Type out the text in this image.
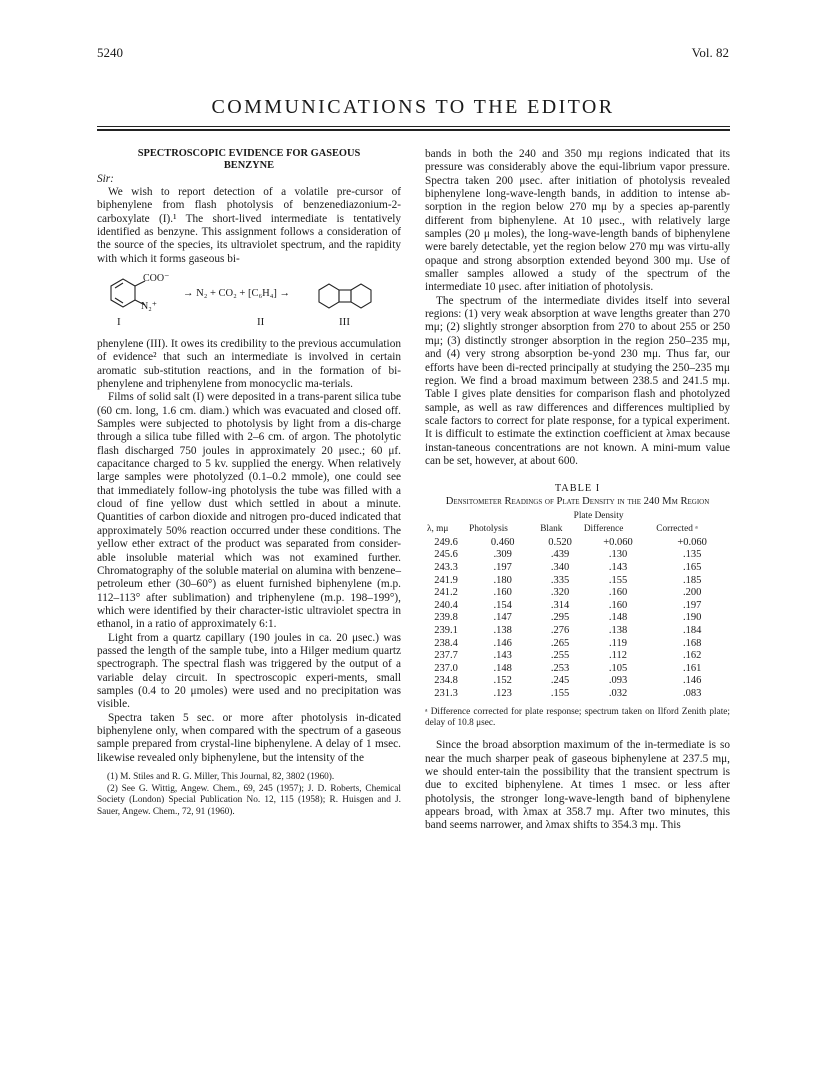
5240	Vol. 82
COMMUNICATIONS TO THE EDITOR
SPECTROSCOPIC EVIDENCE FOR GASEOUS
BENZYNE
Sir:

We wish to report detection of a volatile pre-cursor of biphenylene from flash photolysis of benzenediazonium-2-carboxylate (I).¹ The short-lived intermediate is tentatively identified as benzyne. This assignment follows a consideration of the source of the species, its ultraviolet spectrum, and the rapidity with which it forms gaseous bi-

COO⁻
N₂⁺
→ N₂ + CO₂ + [C₆H₄] →
I	II	III

phenylene (III). It owes its credibility to the previous accumulation of evidence² that such an intermediate is involved in certain aromatic sub-stitution reactions, and in the formation of bi-phenylene and triphenylene from monocyclic ma-terials.

Films of solid salt (I) were deposited in a trans-parent silica tube (60 cm. long, 1.6 cm. diam.) which was evacuated and closed off. Samples were subjected to photolysis by light from a dis-charge through a silica tube filled with 2–6 cm. of argon. The photolytic flash discharged 750 joules in approximately 20 μsec.; 60 μf. capacitance charged to 5 kv. supplied the energy. When relatively large samples were photolyzed (0.1–0.2 mmole), one could see that immediately follow-ing photolysis the tube was filled with a cloud of fine yellow dust which settled in about a minute. Quantities of carbon dioxide and nitrogen pro-duced indicated that approximately 50% reaction occurred under these conditions. The yellow ether extract of the product was separated from consider-able insoluble material which was not examined further. Chromatography of the soluble material on alumina with benzene–petroleum ether (30–60°) as eluent furnished biphenylene (m.p. 112–113° after sublimation) and triphenylene (m.p. 198–199°), which were identified by their character-istic ultraviolet spectra in ethanol, in a ratio of approximately 6:1.

Light from a quartz capillary (190 joules in ca. 20 μsec.) was passed the length of the sample tube, into a Hilger medium quartz spectrograph. The spectral flash was triggered by the output of a variable delay circuit. In spectroscopic experi-ments, small samples (0.4 to 20 μmoles) were used and no precipitation was visible.

Spectra taken 5 sec. or more after photolysis in-dicated biphenylene only, when compared with the spectrum of a gaseous sample prepared from crystal-line biphenylene. A delay of 1 msec. likewise revealed only biphenylene, but the intensity of the

(1) M. Stiles and R. G. Miller, This Journal, 82, 3802 (1960).
(2) See G. Wittig, Angew. Chem., 69, 245 (1957); J. D. Roberts, Chemical Society (London) Special Publication No. 12, 115 (1958); R. Huisgen and J. Sauer, Angew. Chem., 72, 91 (1960).

bands in both the 240 and 350 mμ regions indicated that its pressure was considerably above the equi-librium vapor pressure. Spectra taken 200 μsec. after initiation of photolysis revealed biphenylene long-wave-length bands, in addition to intense ab-sorption in the region below 270 mμ by a species ap-parently different from biphenylene. At 10 μsec., with relatively large samples (20 μ moles), the long-wave-length bands of biphenylene were barely detectable, yet the region below 270 mμ was virtu-ally opaque and strong absorption extended beyond 300 mμ. Use of smaller samples allowed a study of the spectrum of the intermediate 10 μsec. after initiation of photolysis.

The spectrum of the intermediate divides itself into several regions: (1) very weak absorption at wave lengths greater than 270 mμ; (2) slightly stronger absorption from 270 to about 255 or 250 mμ; (3) distinctly stronger absorption in the region 250–235 mμ, and (4) very strong absorption be-yond 230 mμ. Thus far, our efforts have been di-rected principally at studying the 250–235 mμ region. We find a broad maximum between 238.5 and 241.5 mμ. Table I gives plate densities for comparison flash and photolyzed sample, as well as raw differences and differences multiplied by scale factors to correct for plate response, for a typical experiment. It is difficult to estimate the extinction coefficient at λmax because instan-taneous concentrations are not known. A mini-mum value can be set, however, at about 600.

TABLE I
Densitometer Readings of Plate Density in the 240 Mμ Region
	Plate Density			
λ, mμ	Photolysis	Blank	Difference	Corrected ᵃ
249.6	0.460	0.520	+0.060	+0.060
245.6	.309	.439	.130	.135
243.3	.197	.340	.143	.165
241.9	.180	.335	.155	.185
241.2	.160	.320	.160	.200
240.4	.154	.314	.160	.197
239.8	.147	.295	.148	.190
239.1	.138	.276	.138	.184
238.4	.146	.265	.119	.168
237.7	.143	.255	.112	.162
237.0	.148	.253	.105	.161
234.8	.152	.245	.093	.146
231.3	.123	.155	.032	.083
ᵃ Difference corrected for plate response; spectrum taken on Ilford Zenith plate; delay of 10.8 μsec.

Since the broad absorption maximum of the in-termediate is so near the much sharper peak of gaseous biphenylene at 237.5 mμ, we should enter-tain the possibility that the transient spectrum is due to excited biphenylene. At times 1 msec. or less after photolysis, the stronger long-wave-length band of biphenylene appears broad, with λmax at 358.7 mμ. After two minutes, this band seems narrower, and λmax shifts to 354.3 mμ. This
